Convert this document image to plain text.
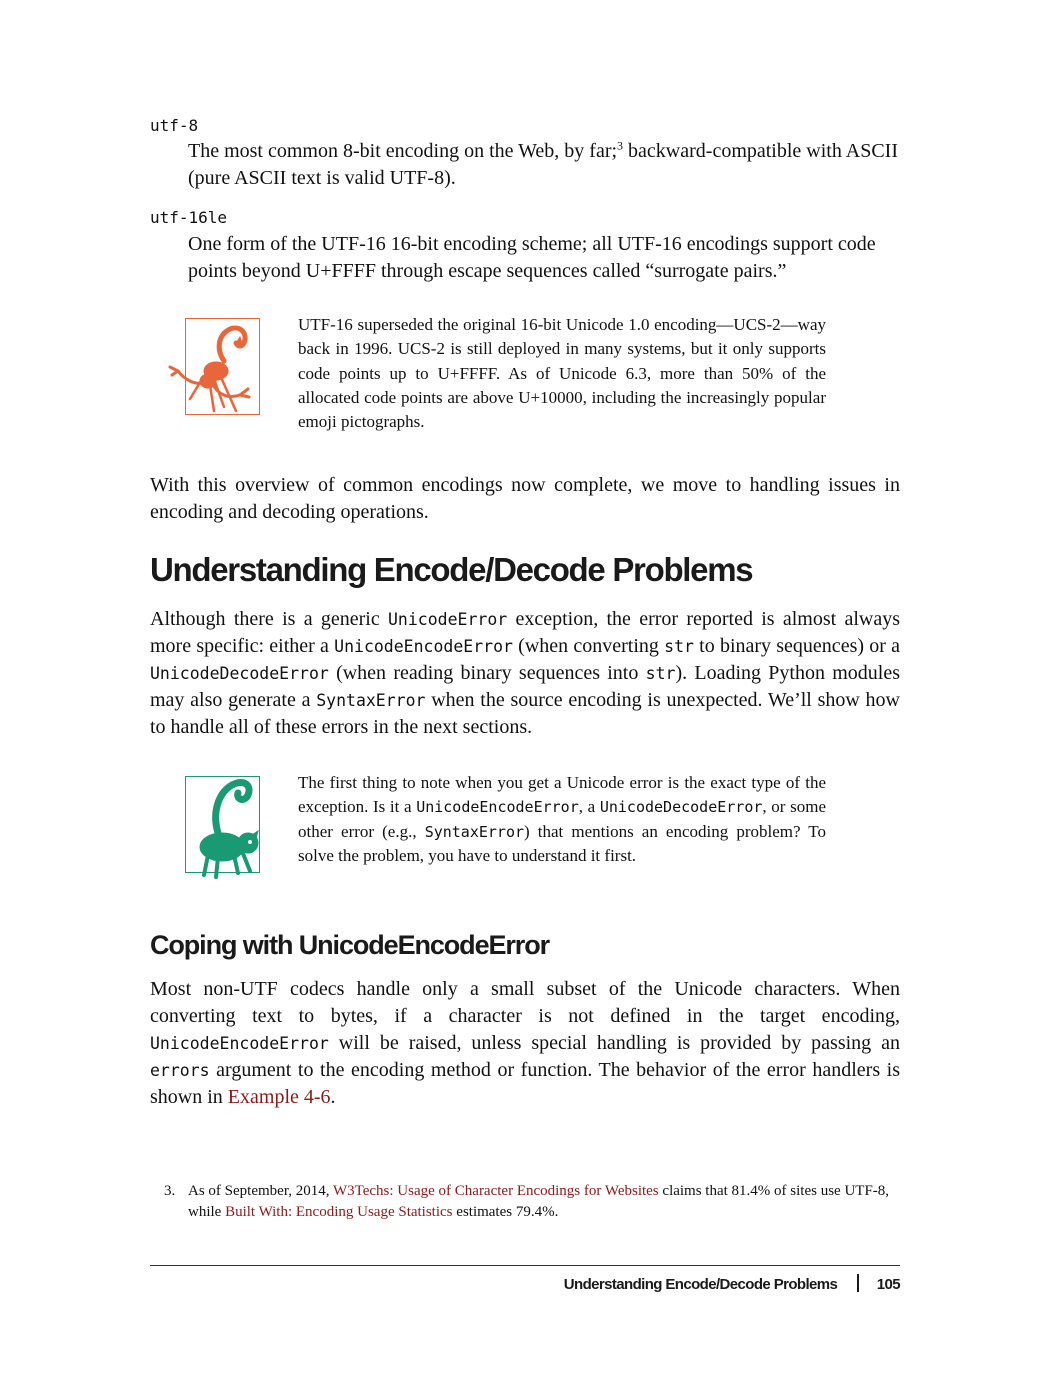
utf-8
The most common 8-bit encoding on the Web, by far;$^3$ backward-compatible with ASCII (pure ASCII text is valid UTF-8).
utf-16le
One form of the UTF-16 16-bit encoding scheme; all UTF-16 encodings support code points beyond U+FFFF through escape sequences called “surrogate pairs.”
UTF-16 superseded the original 16-bit Unicode 1.0 encoding—UCS-2—way back in 1996. UCS-2 is still deployed in many systems, but it only supports code points up to U+FFFF. As of Unicode 6.3, more than 50% of the allocated code points are above U+10000, including the increasingly popular emoji pictographs.

With this overview of common encodings now complete, we move to handling issues in encoding and decoding operations.

Understanding Encode/Decode Problems

Although there is a generic UnicodeError exception, the error reported is almost always more specific: either a UnicodeEncodeError (when converting str to binary sequences) or a UnicodeDecodeError (when reading binary sequences into str). Loading Python modules may also generate a SyntaxError when the source encoding is unexpected. We’ll show how to handle all of these errors in the next sections.

The first thing to note when you get a Unicode error is the exact type of the exception. Is it a UnicodeEncodeError, a UnicodeDecodeError, or some other error (e.g., SyntaxError) that mentions an encoding problem? To solve the problem, you have to understand it first.
Coping with UnicodeEncodeError

Most non-UTF codecs handle only a small subset of the Unicode characters. When converting text to bytes, if a character is not defined in the target encoding, UnicodeEncodeError will be raised, unless special handling is provided by passing an errors argument to the encoding method or function. The behavior of the error handlers is shown in Example 4-6.

3. As of September, 2014, W3Techs: Usage of Character Encodings for Websites claims that 81.4% of sites use UTF-8, while Built With: Encoding Usage Statistics estimates 79.4%.
Understanding Encode/Decode Problems	105
